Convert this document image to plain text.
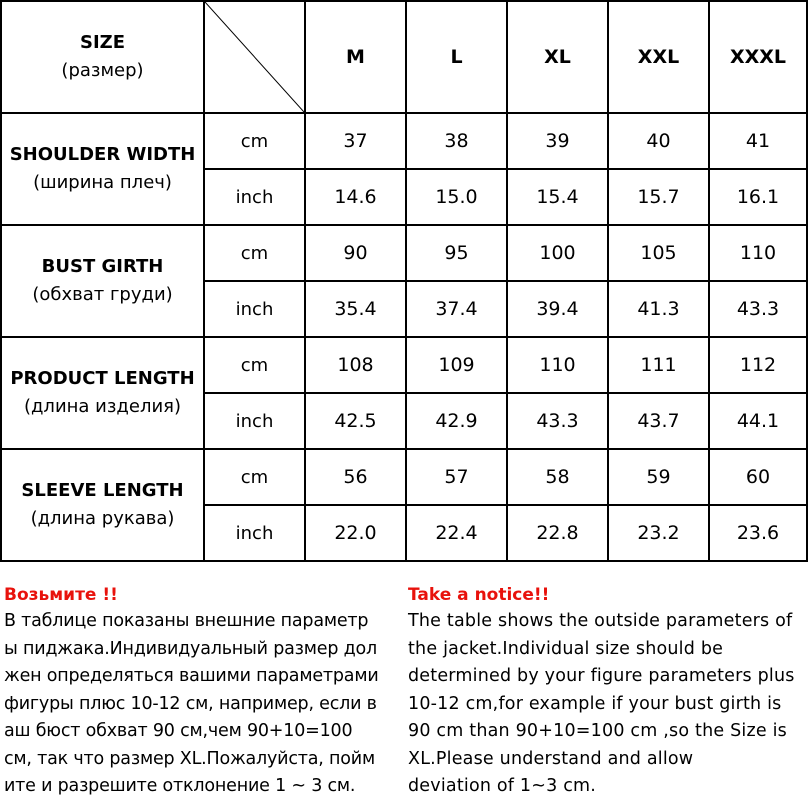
SIZE
(размер)		M	L	XL	XXL	XXXL

SHOULDER WIDTH
(ширина плеч)	cm	37	38	39	40	41
	inch	14.6	15.0	15.4	15.7	16.1

BUST GIRTH
(обхват груди)	cm	90	95	100	105	110
	inch	35.4	37.4	39.4	41.3	43.3

PRODUCT LENGTH
(длина изделия)	cm	108	109	110	111	112
	inch	42.5	42.9	43.3	43.7	44.1

SLEEVE LENGTH
(длина рукава)	cm	56	57	58	59	60
	inch	22.0	22.4	22.8	23.2	23.6
Возьмите !!
В таблице показаны внешние параметр
ы пиджака.Индивидуальный размер дол
жен определяться вашими параметрами
фигуры плюс 10-12 см, например, если в
аш бюст обхват 90 см,чем 90+10=100
см, так что размер XL.Пожалуйста, пойм
ите и разрешите отклонение 1 ~ 3 см.
Take a notice!!
The table shows the outside parameters of
the jacket.Individual size should be
determined by your figure parameters plus
10-12 cm,for example if your bust girth is
90 cm than 90+10=100 cm ,so the Size is
XL.Please understand and allow
deviation of 1~3 cm.
